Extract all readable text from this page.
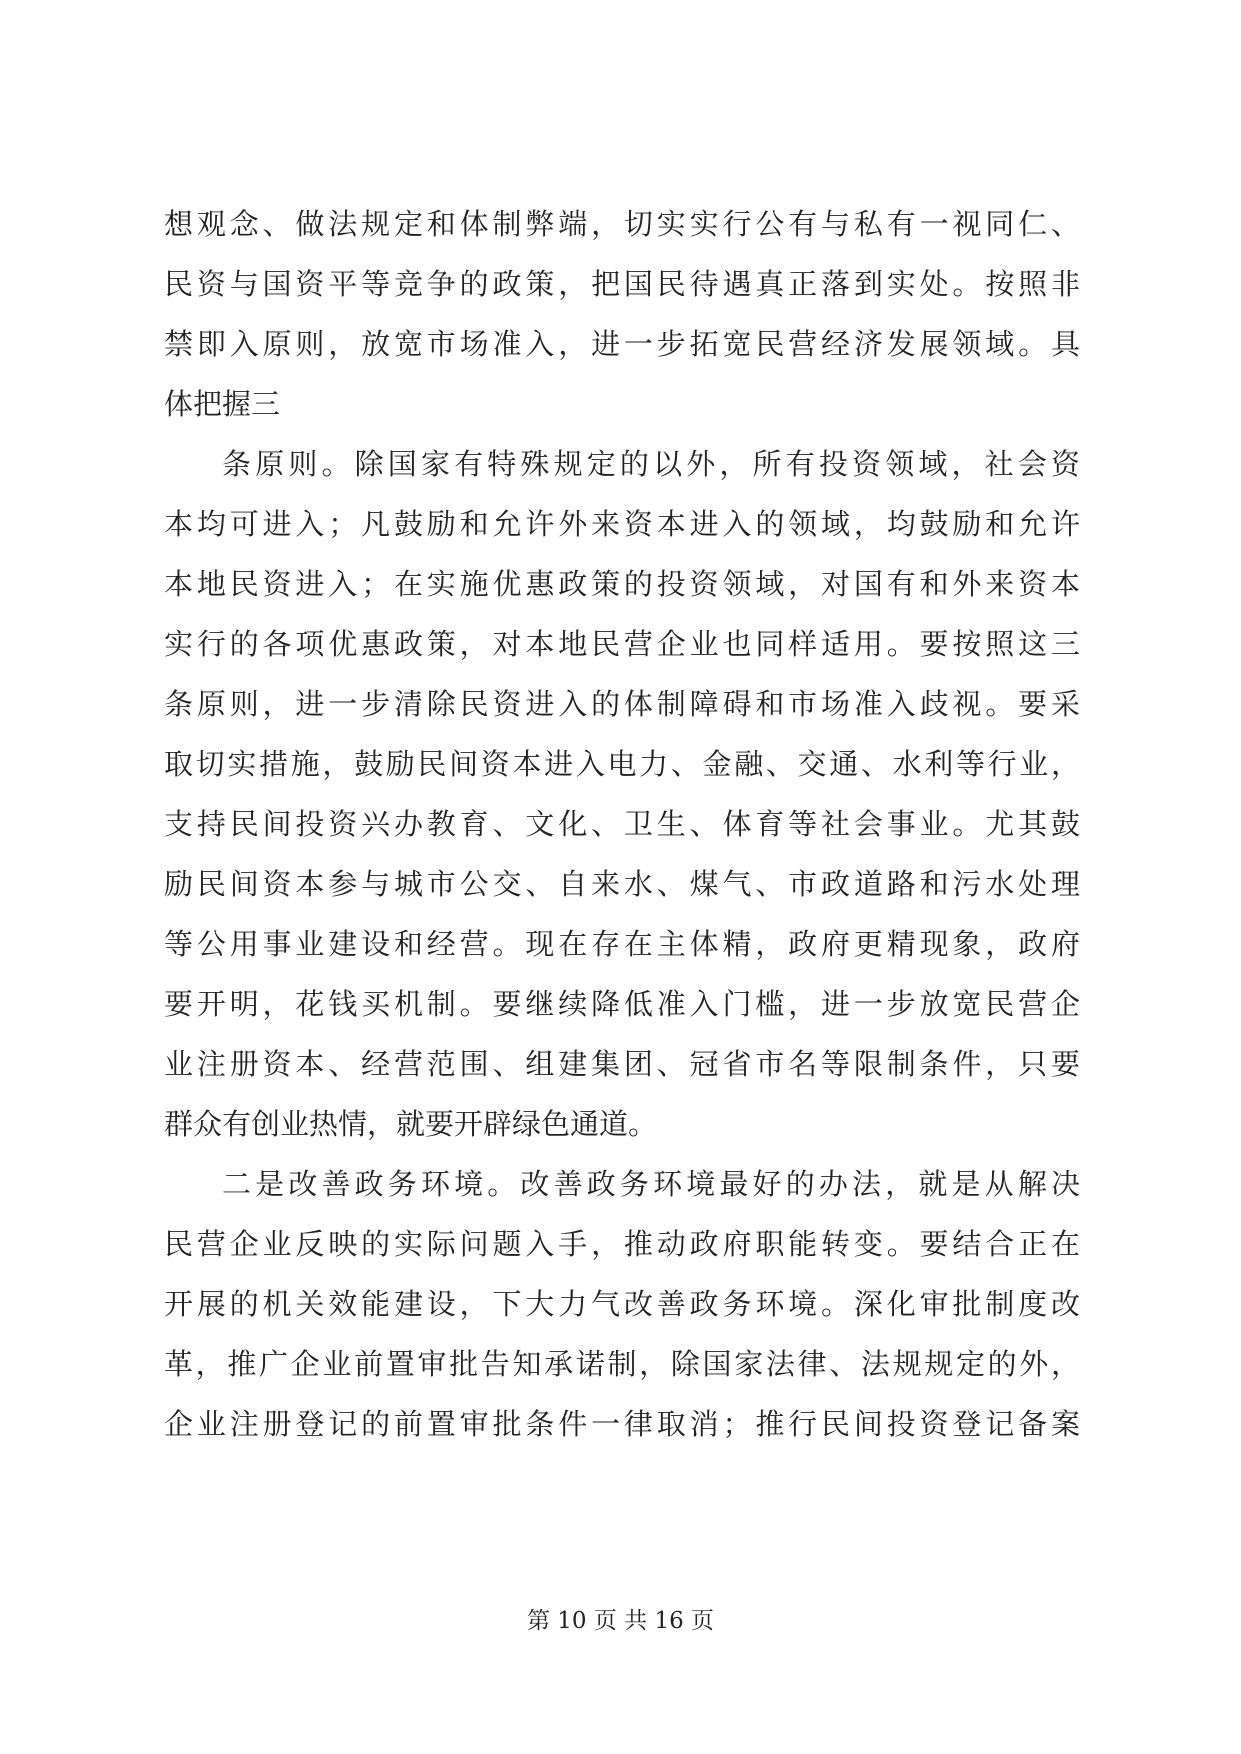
想观念、做法规定和体制弊端，切实实行公有与私有一视同仁、
民资与国资平等竞争的政策，把国民待遇真正落到实处。按照非
禁即入原则，放宽市场准入，进一步拓宽民营经济发展领域。具
体把握三
条原则。除国家有特殊规定的以外，所有投资领域，社会资
本均可进入；凡鼓励和允许外来资本进入的领域，均鼓励和允许
本地民资进入；在实施优惠政策的投资领域，对国有和外来资本
实行的各项优惠政策，对本地民营企业也同样适用。要按照这三
条原则，进一步清除民资进入的体制障碍和市场准入歧视。要采
取切实措施，鼓励民间资本进入电力、金融、交通、水利等行业，
支持民间投资兴办教育、文化、卫生、体育等社会事业。尤其鼓
励民间资本参与城市公交、自来水、煤气、市政道路和污水处理
等公用事业建设和经营。现在存在主体精，政府更精现象，政府
要开明，花钱买机制。要继续降低准入门槛，进一步放宽民营企
业注册资本、经营范围、组建集团、冠省市名等限制条件，只要
群众有创业热情，就要开辟绿色通道。
二是改善政务环境。改善政务环境最好的办法，就是从解决
民营企业反映的实际问题入手，推动政府职能转变。要结合正在
开展的机关效能建设，下大力气改善政务环境。深化审批制度改
革，推广企业前置审批告知承诺制，除国家法律、法规规定的外，
企业注册登记的前置审批条件一律取消；推行民间投资登记备案
第 10 页 共 16 页
